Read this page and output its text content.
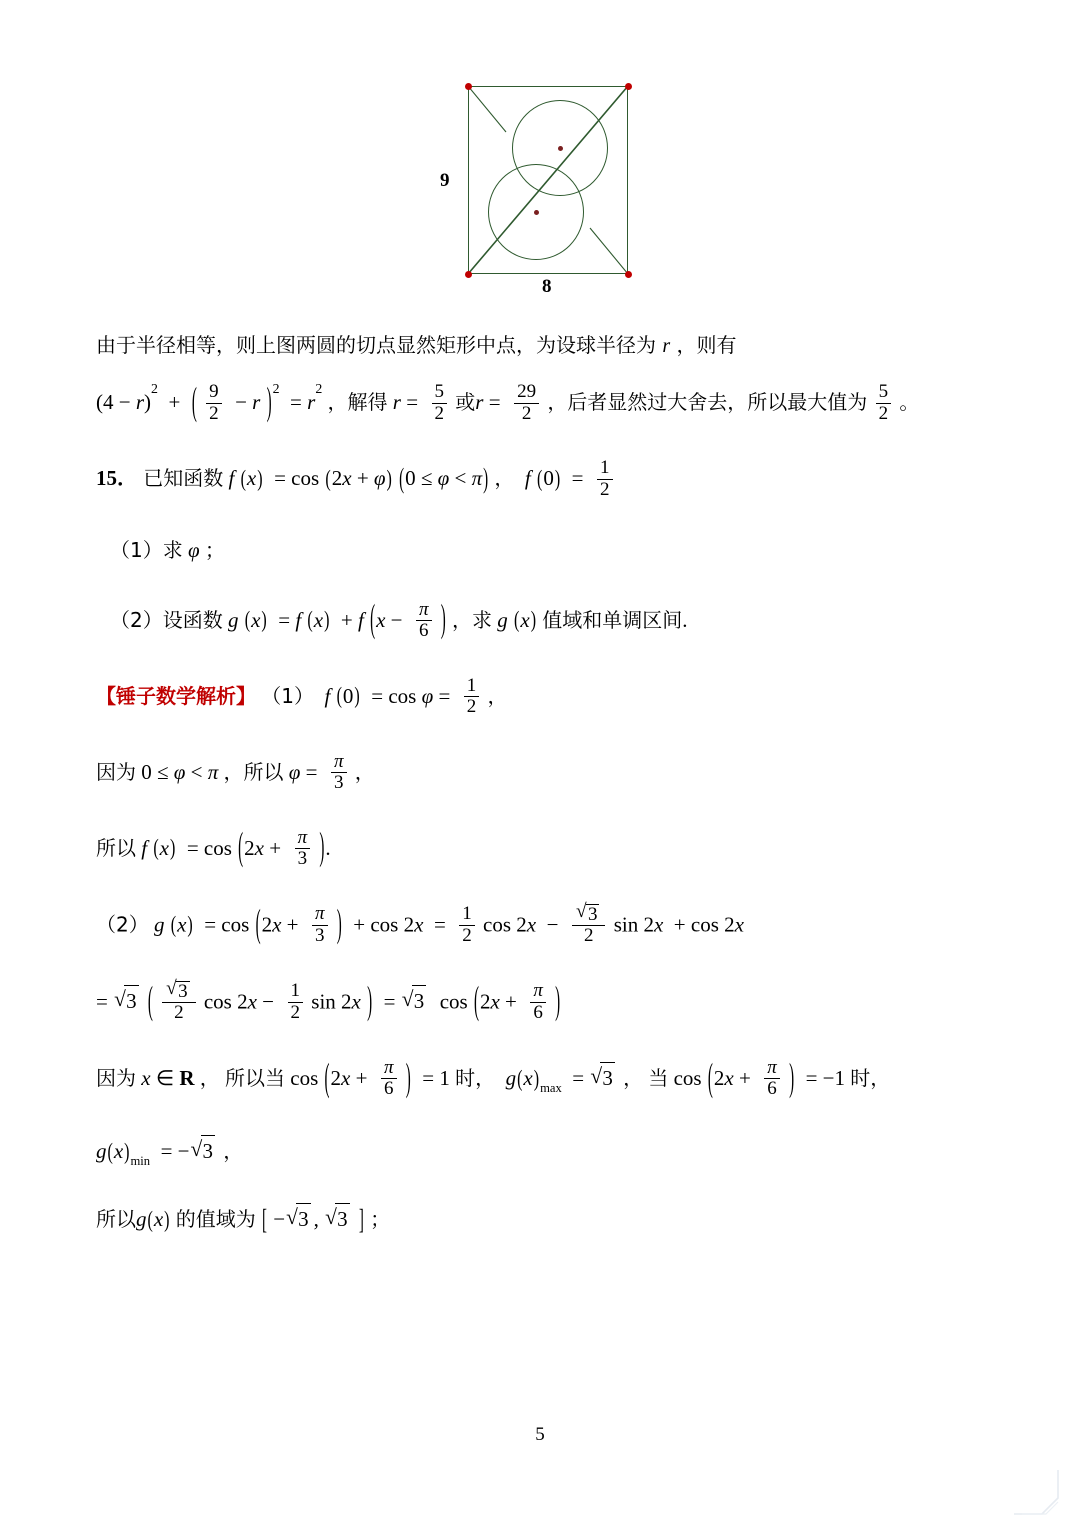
9
8

由于半径相等，则上图两圆的切点显然矩形中点，为设球半径为 r ，则有

$(4 - r)^2$  +  ( $\frac{9}{2} - r$ )$^2 = r^2$ ，解得 $r = \frac{5}{2}$ 或$r = \frac{29}{2}$ ，后者显然过大舍去，所以最大值为 $\frac{5}{2}$ 。

15． 已知函数 f (x)  = cos (2x + φ) (0 ≤ φ < π) ， f $(0) = \frac{1}{2}$

（1）求 φ ；

（2）设函数 g (x)  = f (x)  + f ($x - \frac{\pi}{6}$ ) ，求 g (x) 值域和单调区间.

【锤子数学解析】 （1） f $(0) = \cos \varphi = \frac{1}{2}$ ，

因为 0 ≤ φ < π ，所以 $\varphi = \frac{\pi}{3}$ ，

所以 f $(x) = \cos (2x + \frac{\pi}{3}$ ).

（2） g $(x) = \cos (2x + \frac{\pi}{3}$ )  + $\cos 2x = \frac{1}{2}$ cos 2x  − √ $\frac{3}{2}$ sin 2x  + cos 2x

= √ 3 ( √ $\frac{3}{2}$ $\cos 2x - \frac{1}{2}$ sin 2x )  = √ 3  $\cos (2x + \frac{\pi}{6}$ )

因为 x ∈ R ， 所以当 $\cos (2x + \frac{\pi}{6}$ )  = 1 时， $g(x)_{max}$  = √ 3 ， 当 $\cos (2x + \frac{\pi}{6}$ )  = −1 时，

$g(x)_{min}$  = − √ 3 ，

所以g(x) 的值域为 [ − √ 3 , √ 3 ] ；

5
